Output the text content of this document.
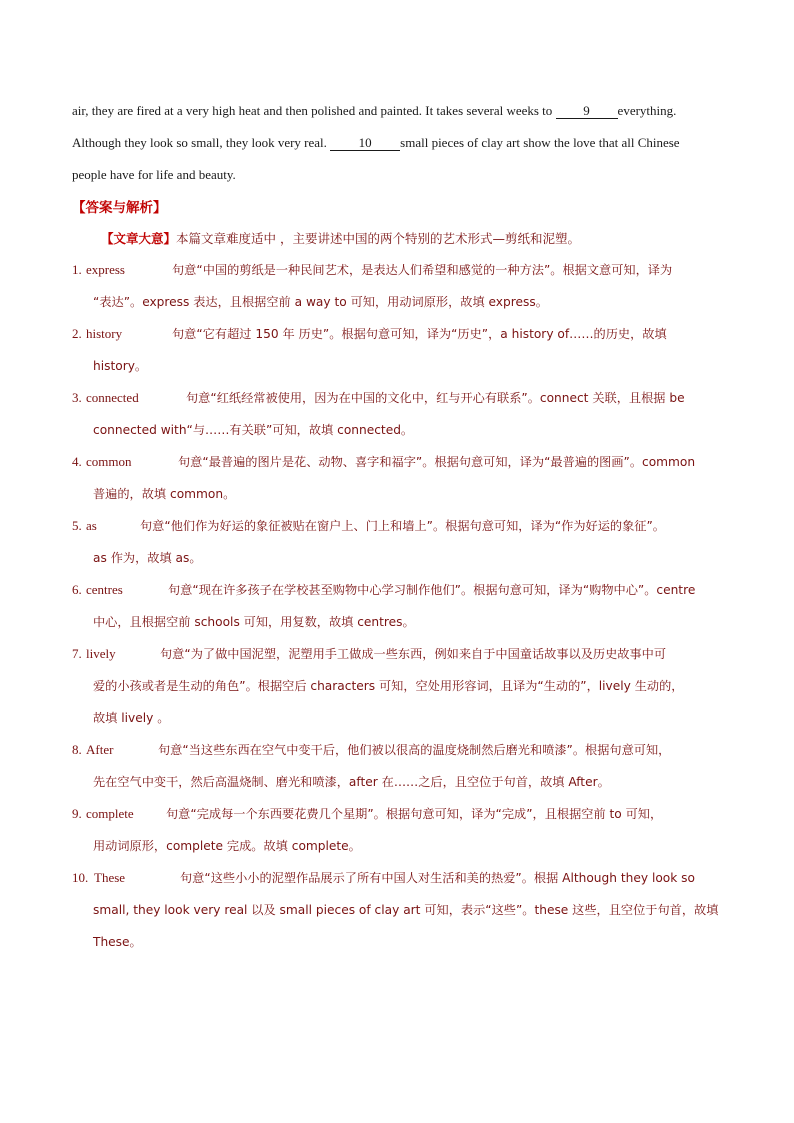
air, they are fired at a very high heat and then polished and painted. It takes several weeks to 9 everything.
Although they look so small, they look very real. 10 small pieces of clay art show the love that all Chinese
people have for life and beauty.
【答案与解析】
【文章大意】本篇文章难度适中 ，主要讲述中国的两个特别的艺术形式—剪纸和泥塑。
1. express	句意“中国的剪纸是一种民间艺术，是表达人们希望和感觉的一种方法”。根据文意可知，译为
“表达”。express 表达，且根据空前 a way to 可知，用动词原形，故填 express。
2. history	句意“它有超过 150 年 历史”。根据句意可知，译为“历史”，a history of……的历史，故填
history。
3. connected	句意“红纸经常被使用，因为在中国的文化中，红与开心有联系”。connect 关联，且根据 be
connected with“与……有关联”可知，故填 connected。
4. common	句意“最普遍的图片是花、动物、喜字和福字”。根据句意可知，译为“最普遍的图画”。common
普遍的，故填 common。
5. as	句意“他们作为好运的象征被贴在窗户上、门上和墙上”。根据句意可知，译为“作为好运的象征”。
as 作为，故填 as。
6. centres	句意“现在许多孩子在学校甚至购物中心学习制作他们”。根据句意可知，译为“购物中心”。centre
中心，且根据空前 schools 可知，用复数，故填 centres。
7. lively	句意“为了做中国泥塑，泥塑用手工做成一些东西，例如来自于中国童话故事以及历史故事中可
爱的小孩或者是生动的角色”。根据空后 characters 可知，空处用形容词，且译为“生动的”，lively 生动的，
故填 lively 。
8. After	句意“当这些东西在空气中变干后，他们被以很高的温度烧制然后磨光和喷漆”。根据句意可知，
先在空气中变干，然后高温烧制、磨光和喷漆，after 在……之后，且空位于句首，故填 After。
9. complete	句意“完成每一个东西要花费几个星期”。根据句意可知，译为“完成”，且根据空前 to 可知，
用动词原形，complete 完成。故填 complete。
10. These	句意“这些小小的泥塑作品展示了所有中国人对生活和美的热爱”。根据 Although they look so
small, they look very real 以及 small pieces of clay art 可知，表示“这些”。these 这些，且空位于句首，故填
These。
